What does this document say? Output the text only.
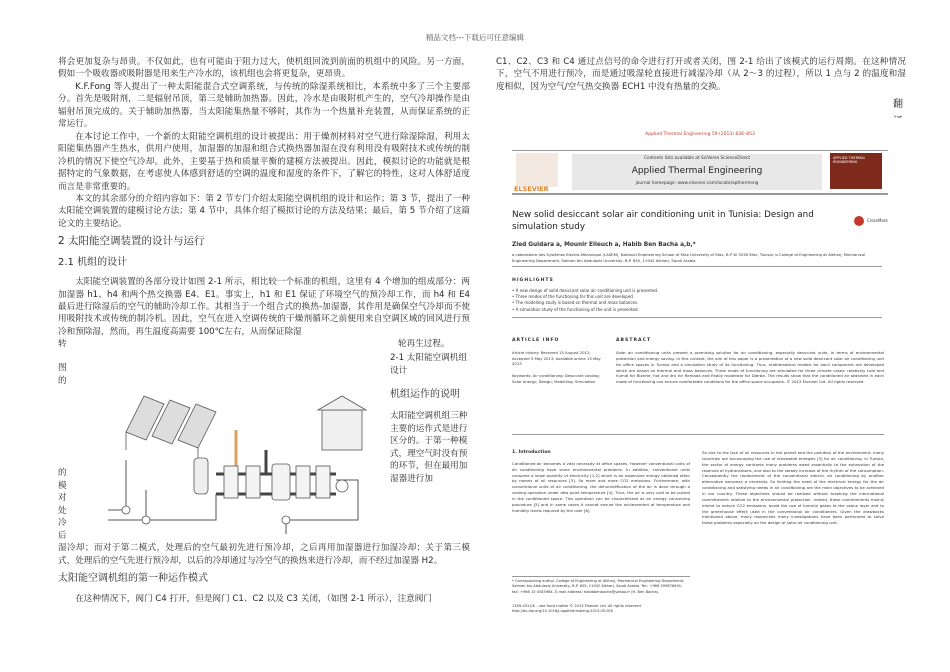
精品文档---下载后可任意编辑

将会更加复杂与昂贵。不仅如此，也有可能由于阻力过大，使机组回流到前面的机组中的风险。另一方面，假如一个吸收器或吸附器是用来生产冷水的，该机组也会将更复杂，更昂贵。

K.F.Fong 等人提出了一种太阳能混合式空调系统，与传统的除湿系统相比，本系统中多了三个主要部分。首先是吸附剂，二是辐射吊顶，第三是辅助加热器。因此，冷水是由吸附机产生的，空气冷却操作是由辐射吊顶完成的。关于辅助加热器，当太阳能集热量不够时，其作为一个热量补充装置，从而保证系统的正常运行。

在本讨论工作中，一个新的太阳能空调机组的设计被提出：用于燥剂材料对空气进行除湿除湿，利用太阳能集热器产生热水，供用户使用，加湿器的加湿和组合式换热器加湿在没有利用没有吸附技术或传统的制冷机的情况下使空气冷却。此外，主要基于热和质量平衡的建模方法被提出。因此，模拟讨论的功能就是根据特定的气象数据，在考虑使人体感到舒适的空调的温度和湿度的条件下，了解它的特性，这对人体舒适度而言是非常重要的。

本文的其余部分的介绍内容如下：第 2 节专门介绍太阳能空调机组的设计和运作；第 3 节，提出了一种太阳能空调装置的建模讨论方法；第 4 节中，具体介绍了模拟讨论的方法及结果；最后，第 5 节介绍了这篇论文的主要结论。

2 太阳能空调装置的设计与运行
2.1 机组的设计

太阳能空调装置的各部分设计如图 2-1 所示，相比较一个标准的机组，这里有 4 个增加的组成部分：两加湿器 h1、h4 和两个热交换器 E4、E1。事实上，h1 和 E1 保证了环境空气的预冷却工作，而 h4 和 E4 最后进行除湿后的空气的辅助冷却工作。其相当于一个组合式的换热-加湿器，其作用是确保空气冷却而不使用吸附技术或传统的制冷机。因此，空气在进入空调传统的干燥剂循环之前便用来自空调区域的回风进行预冷和预除湿，然而，再生温度高需要 100℃左右，从而保证除湿

转	轮再生过程。
图
的
的
模
对
处
冷
后
2-1 太阳能空调机组设计
机组运作的说明
太阳能空调机组三种主要的运作式是进行区分的。于第一种模式，理空气时没有预的环节，但在最用加湿器进行加

湿冷却；而对于第二模式，处理后的空气最初先进行预冷却，之后再用加湿器进行加湿冷却；关于第三模式，处理后的空气先进行预冷却，以后的冷却通过与冷空气的换热来进行冷却，而不经过加湿器 H2。

太阳能空调机组的第一种运作模式

在这种情况下，阀门 C4 打开，但是阀门 C1、C2 以及 C3 关闭，（如图 2-1 所示），注意阀门

C1、C2、C3 和 C4 通过点信号的命令进行打开或者关闭，图 2-1 给出了该模式的运行周期。在这种情况下，空气不用进行预冷，而是通过吸湿轮直接进行减湿冷却（从 2～3 的过程），所以 1 点与 2 的温度和湿度相似，因为空气/空气热交换器 ECH1 中没有热量的交换。
翻

Applied Thermal Engineering 59 (2013) 836–853
ELSEVIER
Contents lists available at SciVerse ScienceDirect
Applied Thermal Engineering
journal homepage: www.elsevier.com/locate/apthermeng
APPLIED THERMAL ENGINEERING
New solid desiccant solar air conditioning unit in Tunisia: Design and simulation study
CrossMark
Zied Guidara a, Mounir Elleuch a, Habib Ben Bacha a,b,*
a Laboratoire des Systèmes Electro-Mécanique (LASEM), National Engineering School of Sfax University of Sfax, B.P W 3038 Sfax, Tunisia; b College of Engineering at Alkharj, Mechanical Engineering Department, Salman bin Abdulaziz University, B.P. 655, 11942 Alkharj, Saudi Arabia
HIGHLIGHTS
• A new design of solid desiccant solar air conditioning unit is presented.
• Three modes of the functioning for this unit are developed.
• The modelling study is based on thermal and mass balances.
• A simulation study of the functioning of the unit is presented.
ARTICLE INFO	ABSTRACT
Article history: Received 15 August 2012; Accepted 5 May 2013; Available online 15 May 2013
Keywords: Air conditioning; Desiccant cooling; Solar energy; Design; Modelling; Simulation
Solar air conditioning units present a promising solution for air conditioning, especially desiccant units, in terms of environmental protection and energy saving. In this context, the aim of this paper is a presentation of a new solid desiccant solar air conditioning unit for office spaces in Tunisia and a simulation study of its functioning. Thus, mathematical models for each component are developed which are based on thermal and mass balances. Three mode of functioning are simulated for three climate cases: relatively cold and humid for Bizerte, hot and dry for Remada and finally moderate for Djerba. The results show that the conditioned air obtained in each mode of functioning can ensure comfortable conditions for the office space occupants. © 2013 Elsevier Ltd. All rights reserved.
1. Introduction
Conditioned air becomes a vital necessity at office spaces. However conventional units of air conditioning have some environmental problems. In addition, conventional units consume a large quantity of electricity [1,2] which is an expensive energy obtained often by means of oil resources [3]. So more and more CO2 emissions. Furthermore, with conventional units of air conditioning, the dehumidification of the air is done through a cooling operation under dew point temperature [4]. Thus, the air is very cold to be pulsed in the conditioned space. This operation can be characterized as an energy consuming procedure [5] and in some cases it cannot ensure the achievement of temperature and humidity levels required by the user [6].
So due to the lack of oil resources in the planet and the pollution of the environment, many countries are encouraging the use of renewable energies [3] for air conditioning. In Tunisia, the sector of energy confronts many problems owed essentially to the exhaustion of the reserves of hydrocarbons, and also to the steady increase of the rhythm of the consumption. Consequently the replacement of the conventional electric air conditioning by another alternative becomes a necessity. So limiting the need of the electrical energy for the air conditioning and satisfying needs in air conditioning are the main objectives to be achieved in our country. These objectives should be realized without breaking the international commitments relative to the environmental protection. Indeed, these commitments mainly intend to reduce CO2 emissions, avoid the use of harmful gases to the ozone layer and to the greenhouse effect used in the conventional air conditioners. Given the drawbacks mentioned above, many researches many investigations have been performed to solve these problems especially on the design of solar air conditioning unit.
* Corresponding author. College of Engineering at Alkharj, Mechanical Engineering Department, Salman bin Abdulaziz University, B.P. 655, 11942 Alkharj, Saudi Arabia. Tel.: +966 599876491; fax: +966 15 4545984. E-mail address: habibbenbacha@yahoo.fr (H. Ben Bacha).
1359-4311/$ – see front matter © 2013 Elsevier Ltd. All rights reserved. http://dx.doi.org/10.1016/j.applthermaleng.2013.05.005
